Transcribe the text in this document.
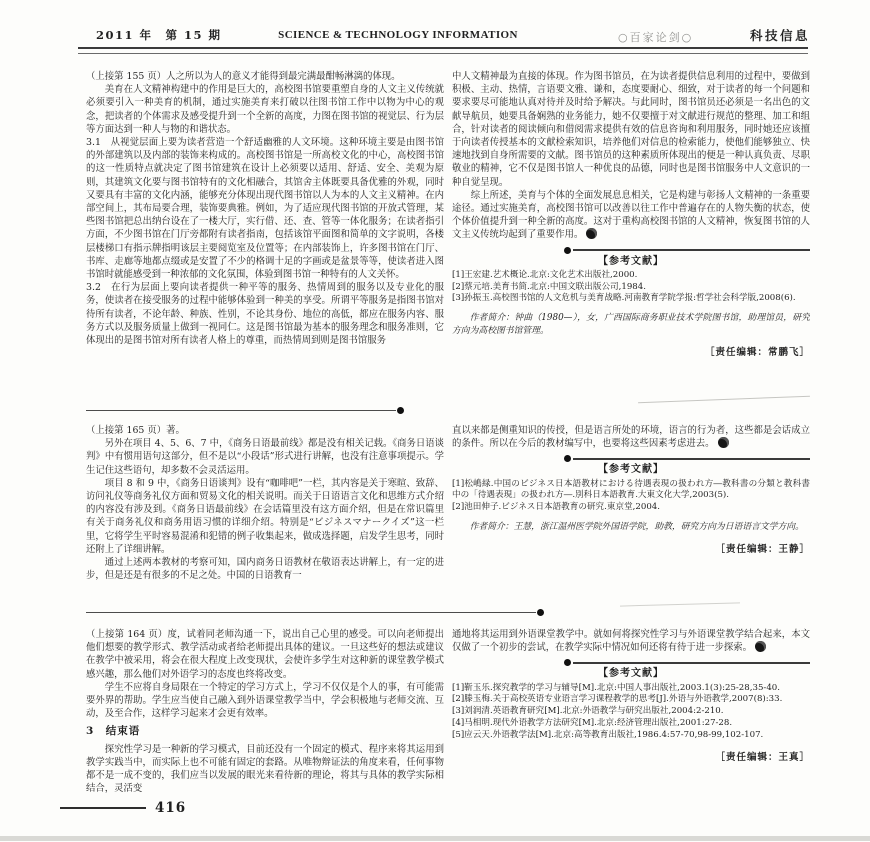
2011 年　第 15 期	SCIENCE & TECHNOLOGY INFORMATION	○百家论剑○	科技信息

（上接第 155 页）人之所以为人的意义才能得到最完满最酣畅淋漓的体现。

美育在人文精神构建中的作用是巨大的，高校图书馆要重塑自身的人文主义传统就必须要引入一种美育的机制，通过实施美育来打破以往图书馆工作中以物为中心的观念，把读者的个体需求及感受提升到一个全新的高度，力图在图书馆的视觉层、行为层等方面达到一种人与物的和谐状态。

3.1　从视觉层面上要为读者营造一个舒适幽雅的人文环境。这种环境主要是由图书馆的外部建筑以及内部的装饰来构成的。高校图书馆是一所高校文化的中心，高校图书馆的这一性质特点就决定了图书馆建筑在设计上必须要以适用、舒适、安全、美观为原则，其建筑文化要与图书馆特有的文化相融合，其馆舍主体既要具备优雅的外观，同时又要具有丰富的文化内涵，能够充分体现出现代图书馆以人为本的人文主义精神。在内部空间上，其布局要合理，装饰要典雅。例如，为了适应现代图书馆的开放式管理，某些图书馆把总出纳台设在了一楼大厅，实行借、还、查、管等一体化服务；在读者指引方面，不少图书馆在门厅旁都附有读者指南，包括该馆平面图和简单的文字说明，各楼层楼梯口有指示牌指明该层主要阅览室及位置等；在内部装饰上，许多图书馆在门厅、书库、走廊等地都点缀或是安置了不少的格调十足的字画或是盆景等等，使读者进入图书馆时就能感受到一种浓郁的文化氛围，体验到图书馆一种特有的人文关怀。

3.2　在行为层面上要向读者提供一种平等的服务、热情周到的服务以及专业化的服务，使读者在接受服务的过程中能够体验到一种美的享受。所谓平等服务是指图书馆对待所有读者，不论年龄、种族、性别，不论其身份、地位的高低，都应在服务内容、服务方式以及服务质量上做到一视同仁。这是图书馆最为基本的服务理念和服务准则，它体现出的是图书馆对所有读者人格上的尊重，而热情周到则是图书馆服务

中人文精神最为直接的体现。作为图书馆员，在为读者提供信息利用的过程中，要做到积极、主动、热情，言语要文雅、谦和，态度要耐心、细致，对于读者的每一个问题和要求要尽可能地认真对待并及时给予解决。与此同时，图书馆员还必须是一名出色的文献导航员，她要具备娴熟的业务能力，她不仅要擅于对文献进行规范的整理、加工和组合，针对读者的阅读倾向和借阅需求提供有效的信息咨询和利用服务，同时她还应该擅于向读者传授基本的文献检索知识，培养他们对信息的检索能力，使他们能够独立、快速地找到自身所需要的文献。图书馆员的这种素质所体现出的便是一种认真负责、尽职敬业的精神，它不仅是图书馆人一种优良的品德，同时也是图书馆服务中人文意识的一种自觉呈现。

综上所述，美育与个体的全面发展息息相关，它是构建与彰扬人文精神的一条重要途径。通过实施美育，高校图书馆可以改善以往工作中普遍存在的人物失衡的状态，使个体价值提升到一种全新的高度。这对于重构高校图书馆的人文精神，恢复图书馆的人文主义传统均起到了重要作用。

【参考文献】

[1]王宏建.艺术概论.北京:文化艺术出版社,2000.

[2]蔡元培.美育书简.北京:中国文联出版公司,1984.

[3]孙振玉.高校图书馆的人文危机与美育战略.河南教育学院学报:哲学社会科学版,2008(6).

作者简介：钟曲（1980—），女，广西国际商务职业技术学院图书馆，助理馆员，研究方向为高校图书馆管理。

［责任编辑：常鹏飞］

（上接第 165 页）著。

另外在项目 4、5、6、7 中，《商务日语最前线》都是没有相关记载。《商务日语谈判》中有惯用语句这部分，但不是以“小段话”形式进行讲解，也没有注意事项提示。学生记住这些语句，却多数不会灵活运用。

项目 8 和 9 中，《商务日语谈判》设有“咖啡吧”一栏，其内容是关于寒暄、致辞、访问礼仪等商务礼仪方面和贸易文化的相关说明。而关于日语语言文化和思维方式介绍的内容没有涉及到。《商务日语最前线》在会话篇里没有这方面介绍，但是在常识篇里有关于商务礼仪和商务用语习惯的详细介绍。特别是“ビジネスマナークイズ”这一栏里，它将学生平时容易混淆和犯错的例子收集起来，做成选择题，启发学生思考，同时还附上了详细讲解。

通过上述两本教材的考察可知，国内商务日语教材在敬语表达讲解上，有一定的进步，但是还是有很多的不足之处。中国的日语教育一

直以来都是侧重知识的传授，但是语言所处的环境，语言的行为者，这些都是会话成立的条件。所以在今后的教材编写中，也要将这些因素考虑进去。

【参考文献】

[1]松嶋緑.中国のビジネス日本語教材における待遇表現の扱われ方―教科書の分類と教科書中の「待遇表現」の扱われ方―.別科日本語教育.大東文化大学,2003(5).

[2]池田伸子.ビジネス日本語教育の研究.東京堂,2004.

作者简介：王慧，浙江温州医学院外国语学院，助教，研究方向为日语语言文学方向。

［责任编辑：王静］

（上接第 164 页）度，试着同老师沟通一下，说出自己心里的感受。可以向老师提出他们想要的教学形式、教学活动或者给老师提出具体的建议。一旦这些好的想法或建议在教学中被采用，将会在很大程度上改变现状，会使许多学生对这种新的课堂教学模式感兴趣，那么他们对外语学习的态度也终将改变。

学生不应将自身局限在一个特定的学习方式上，学习不仅仅是个人的事，有可能需要外界的帮助。学生应当使自己融入到外语课堂教学当中，学会积极地与老师交流、互动，及至合作，这样学习起来才会更有效率。

3　结束语

探究性学习是一种新的学习模式，目前还没有一个固定的模式、程序来将其运用到教学实践当中，而实际上也不可能有固定的套路。从唯物辩证法的角度来看，任何事物都不是一成不变的，我们应当以发展的眼光来看待新的理论，将其与具体的教学实际相结合，灵活变

通地将其运用到外语课堂教学中。就如何将探究性学习与外语课堂教学结合起来，本文仅做了一个初步的尝试，在教学实际中情况如何还将有待于进一步探索。

【参考文献】

[1]靳玉乐.探究教学的学习与辅导[M].北京:中国人事出版社,2003.1(3):25-28,35-40.

[2]滕玉梅.关于高校英语专业语言学习课程教学的思考[J].外语与外语教学,2007(8):33.

[3]刘润清.英语教育研究[M].北京:外语教学与研究出版社,2004:2-210.

[4]马相明.现代外语教学方法研究[M].北京:经济管理出版社,2001:27-28.

[5]应云天.外语教学法[M].北京:高等教育出版社,1986.4:57-70,98-99,102-107.

［责任编辑：王真］
416
